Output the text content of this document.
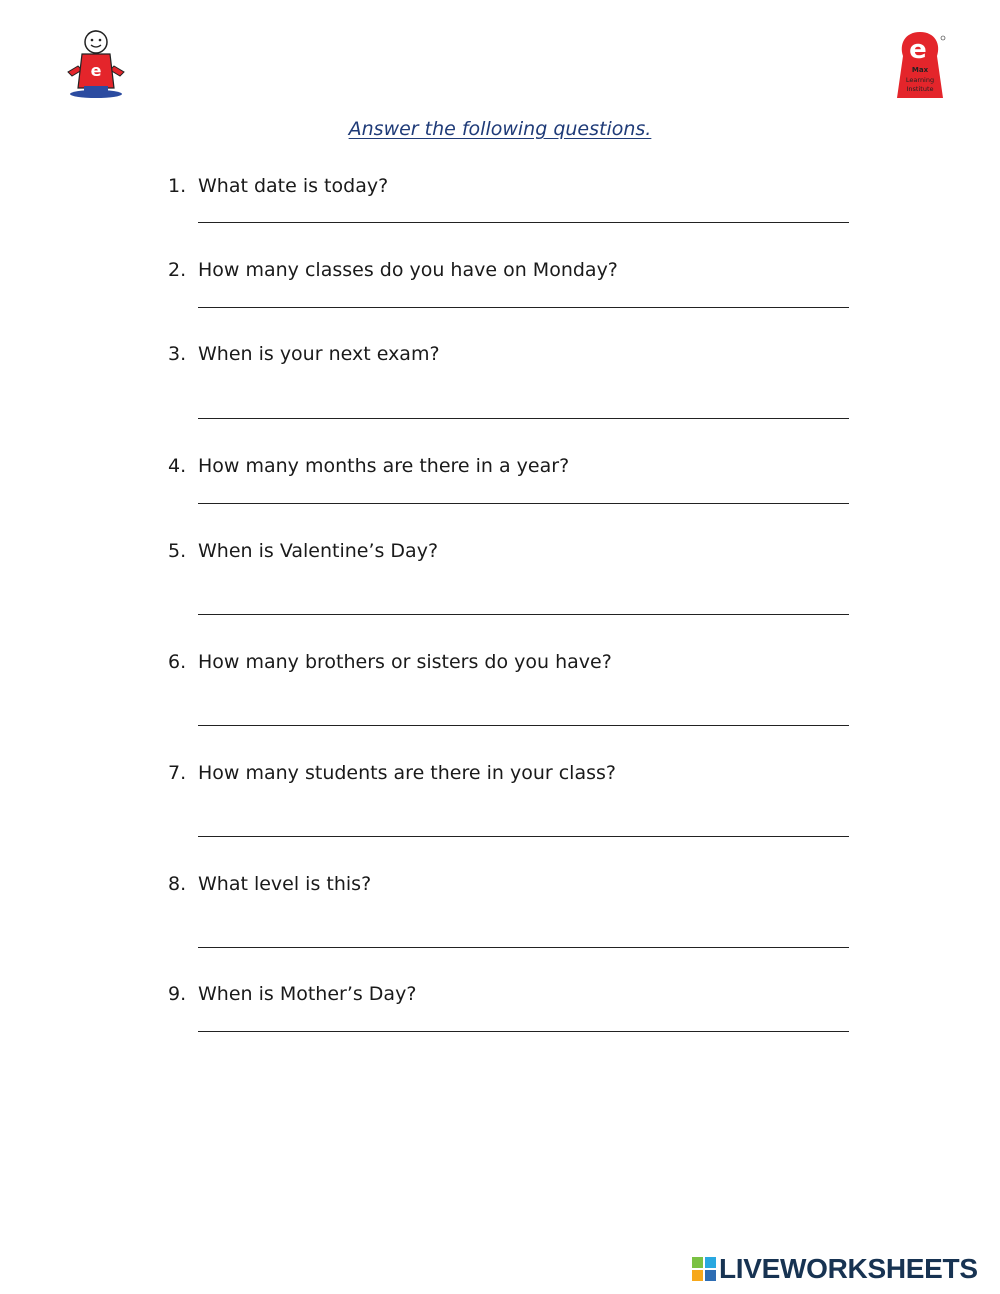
e
e
Max
Learning
Institute
Answer the following questions.
1. What date is today?
2. How many classes do you have on Monday?
3. When is your next exam?
4. How many months are there in a year?
5. When is Valentine’s Day?
6. How many brothers or sisters do you have?
7. How many students are there in your class?
8. What level is this?
9. When is Mother’s Day?
LIVEWORKSHEETS
